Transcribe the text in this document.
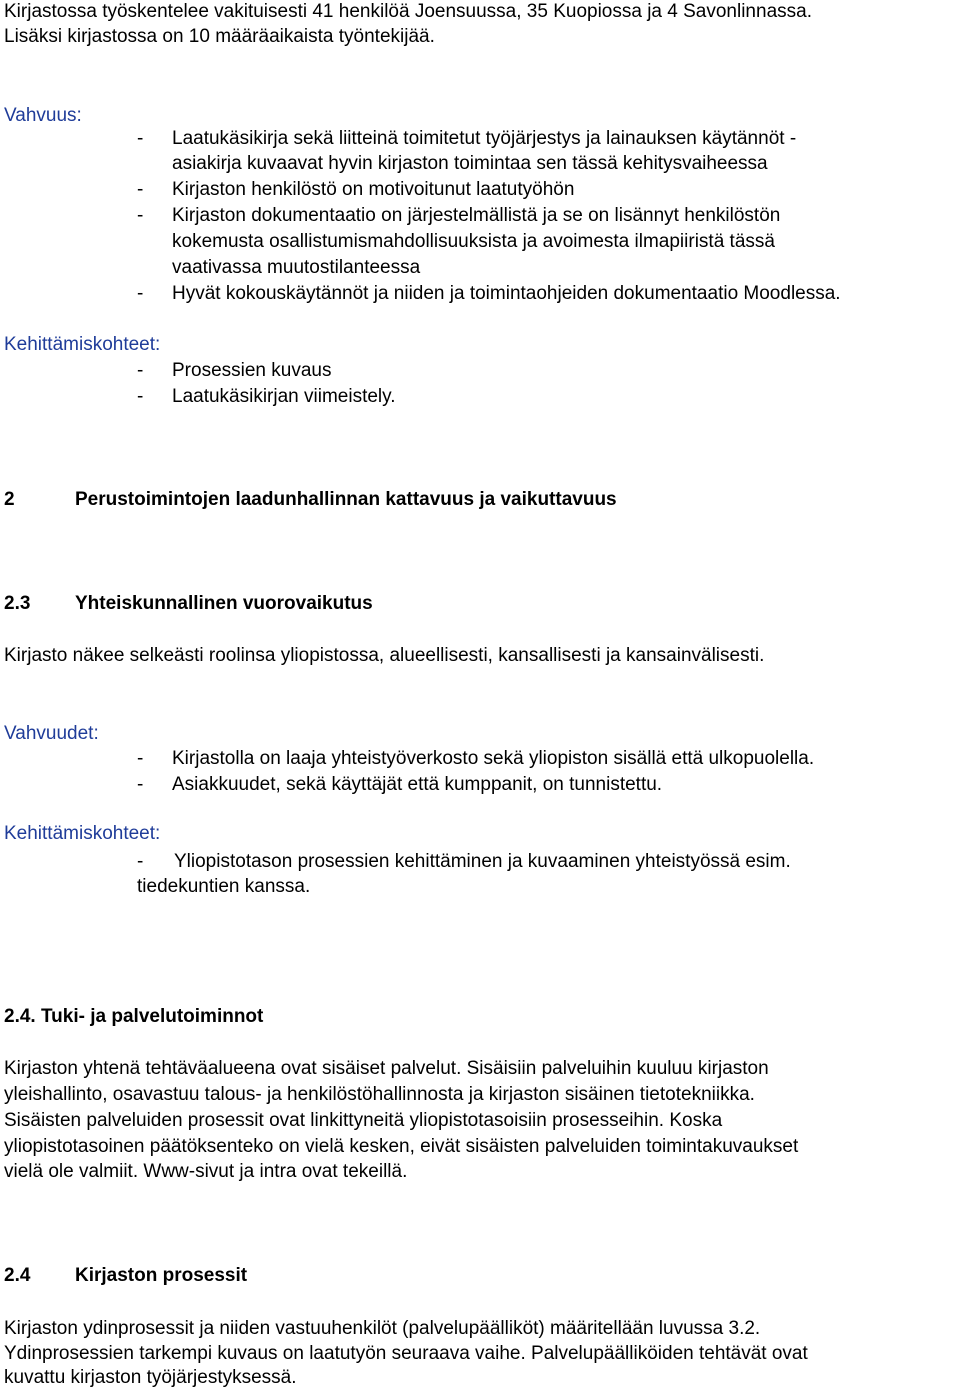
Kirjastossa työskentelee vakituisesti 41 henkilöä Joensuussa, 35 Kuopiossa ja 4 Savonlinnassa.
Lisäksi kirjastossa on 10 määräaikaista työntekijää.
Vahvuus:
- Laatukäsikirja sekä liitteinä toimitetut työjärjestys ja lainauksen käytännöt -
asiakirja kuvaavat hyvin kirjaston toimintaa sen tässä kehitysvaiheessa
- Kirjaston henkilöstö on motivoitunut laatutyöhön
- Kirjaston dokumentaatio on järjestelmällistä ja se on lisännyt henkilöstön
kokemusta osallistumismahdollisuuksista ja avoimesta ilmapiiristä tässä
vaativassa muutostilanteessa
- Hyvät kokouskäytännöt ja niiden ja toimintaohjeiden dokumentaatio Moodlessa.
Kehittämiskohteet:
- Prosessien kuvaus
- Laatukäsikirjan viimeistely.
2	Perustoimintojen laadunhallinnan kattavuus ja vaikuttavuus
2.3 Yhteiskunnallinen vuorovaikutus
Kirjasto näkee selkeästi roolinsa yliopistossa, alueellisesti, kansallisesti ja kansainvälisesti.
Vahvuudet:
- Kirjastolla on laaja yhteistyöverkosto sekä yliopiston sisällä että ulkopuolella.
- Asiakkuudet, sekä käyttäjät että kumppanit, on tunnistettu.
Kehittämiskohteet:
- Yliopistotason prosessien kehittäminen ja kuvaaminen yhteistyössä esim.
tiedekuntien kanssa.
2.4. Tuki- ja palvelutoiminnot
Kirjaston yhtenä tehtäväalueena ovat sisäiset palvelut. Sisäisiin palveluihin kuuluu kirjaston
yleishallinto, osavastuu talous- ja henkilöstöhallinnosta ja kirjaston sisäinen tietotekniikka.
Sisäisten palveluiden prosessit ovat linkittyneitä yliopistotasoisiin prosesseihin. Koska
yliopistotasoinen päätöksenteko on vielä kesken, eivät sisäisten palveluiden toimintakuvaukset
vielä ole valmiit. Www-sivut ja intra ovat tekeillä.
2.4 Kirjaston prosessit
Kirjaston ydinprosessit ja niiden vastuuhenkilöt (palvelupäälliköt) määritellään luvussa 3.2.
Ydinprosessien tarkempi kuvaus on laatutyön seuraava vaihe. Palvelupäälliköiden tehtävät ovat
kuvattu kirjaston työjärjestyksessä.
